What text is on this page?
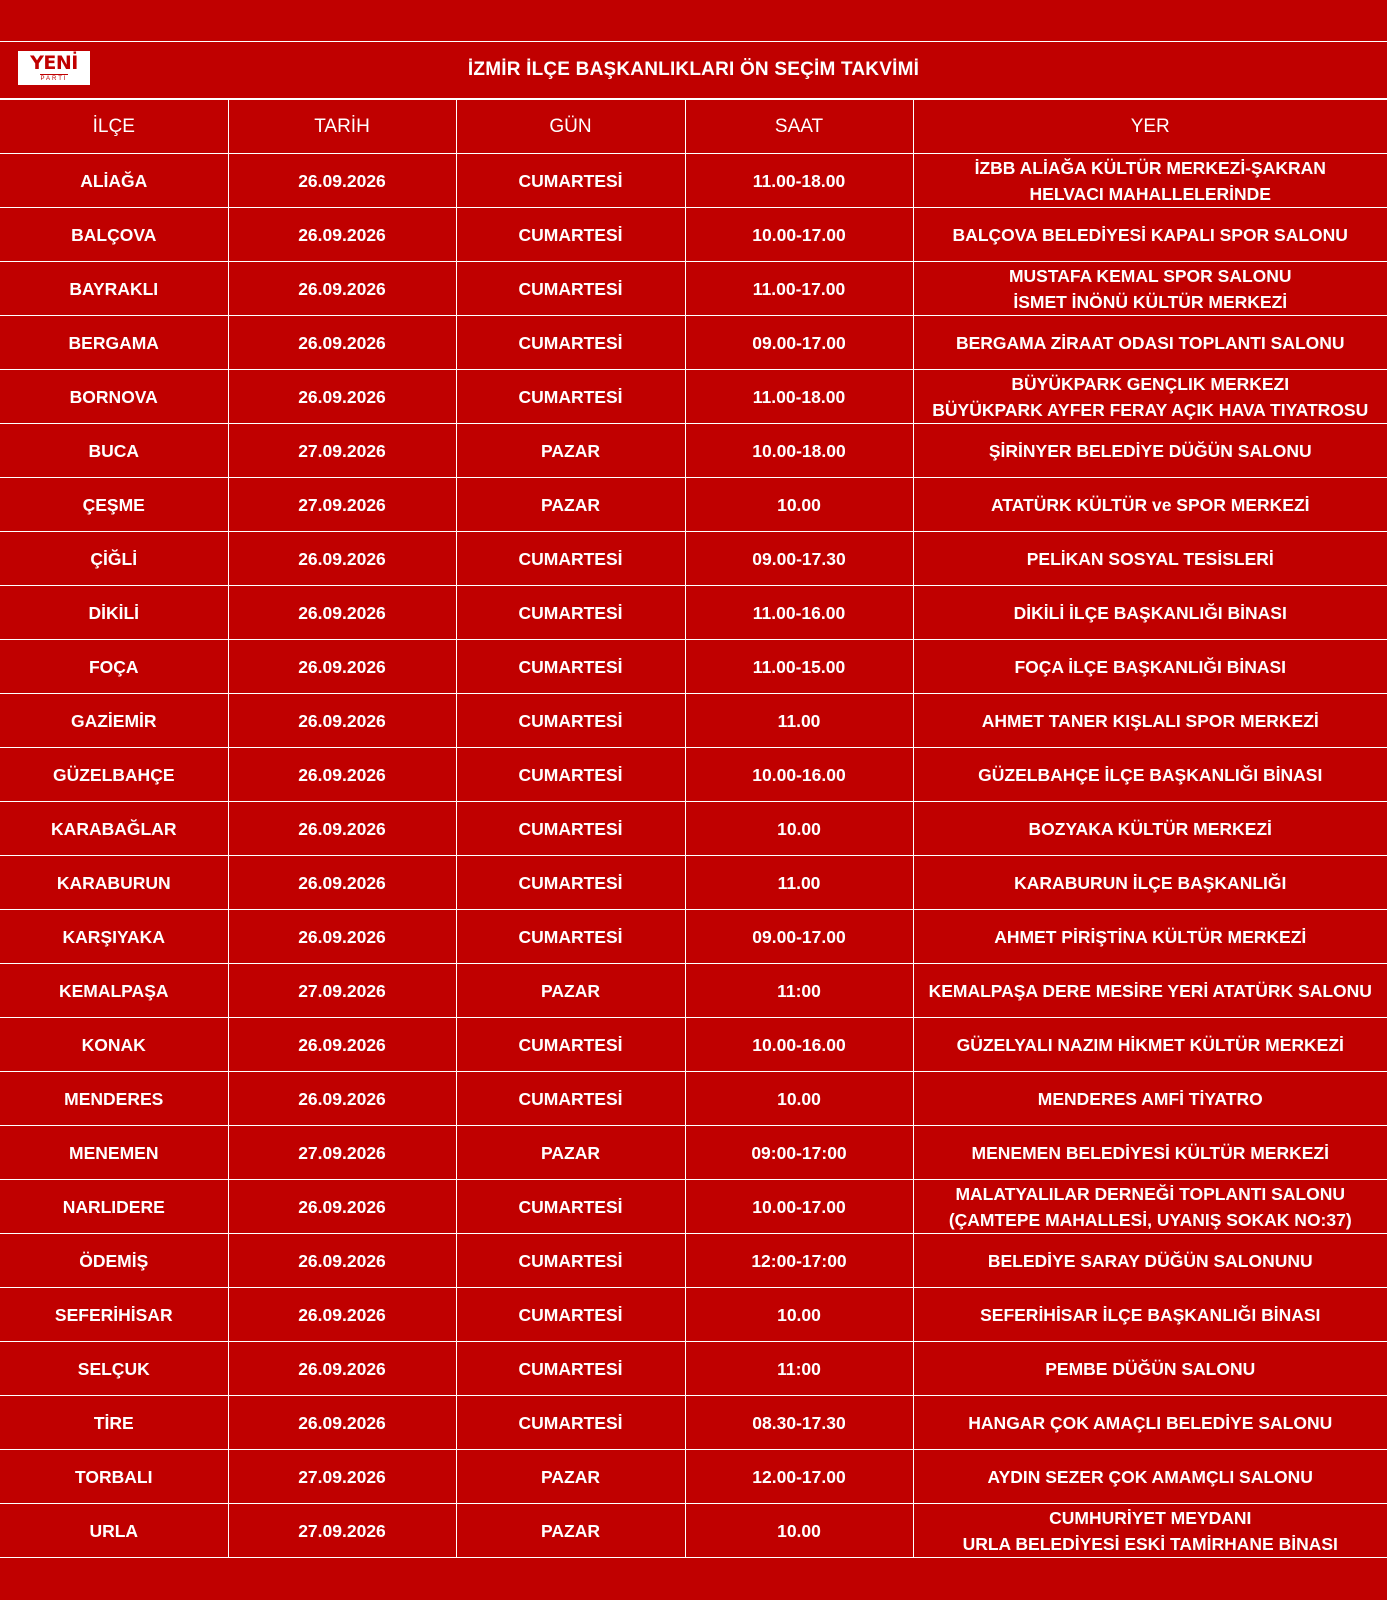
YENİ
PARTİ	İZMİR İLÇE BAŞKANLIKLARI ÖN SEÇİM TAKVİMİ
İLÇE	TARİH	GÜN	SAAT	YER
ALİAĞA	26.09.2026	CUMARTESİ	11.00-18.00	İZBB ALİAĞA KÜLTÜR MERKEZİ-ŞAKRAN
HELVACI MAHALLELERİNDE

BALÇOVA	26.09.2026	CUMARTESİ	10.00-17.00	BALÇOVA BELEDİYESİ KAPALI SPOR SALONU

BAYRAKLI	26.09.2026	CUMARTESİ	11.00-17.00	MUSTAFA KEMAL SPOR SALONU
İSMET İNÖNÜ KÜLTÜR MERKEZİ

BERGAMA	26.09.2026	CUMARTESİ	09.00-17.00	BERGAMA ZİRAAT ODASI TOPLANTI SALONU

BORNOVA	26.09.2026	CUMARTESİ	11.00-18.00	BÜYÜKPARK GENÇLIK MERKEZI
BÜYÜKPARK AYFER FERAY AÇIK HAVA TIYATROSU

BUCA	27.09.2026	PAZAR	10.00-18.00	ŞİRİNYER BELEDİYE DÜĞÜN SALONU

ÇEŞME	27.09.2026	PAZAR	10.00	ATATÜRK KÜLTÜR ve SPOR MERKEZİ

ÇİĞLİ	26.09.2026	CUMARTESİ	09.00-17.30	PELİKAN SOSYAL TESİSLERİ

DİKİLİ	26.09.2026	CUMARTESİ	11.00-16.00	DİKİLİ İLÇE BAŞKANLIĞI BİNASI

FOÇA	26.09.2026	CUMARTESİ	11.00-15.00	FOÇA İLÇE BAŞKANLIĞI BİNASI

GAZİEMİR	26.09.2026	CUMARTESİ	11.00	AHMET TANER KIŞLALI SPOR MERKEZİ

GÜZELBAHÇE	26.09.2026	CUMARTESİ	10.00-16.00	GÜZELBAHÇE İLÇE BAŞKANLIĞI BİNASI

KARABAĞLAR	26.09.2026	CUMARTESİ	10.00	BOZYAKA KÜLTÜR MERKEZİ

KARABURUN	26.09.2026	CUMARTESİ	11.00	KARABURUN İLÇE BAŞKANLIĞI

KARŞIYAKA	26.09.2026	CUMARTESİ	09.00-17.00	AHMET PİRİŞTİNA KÜLTÜR MERKEZİ

KEMALPAŞA	27.09.2026	PAZAR	11:00	KEMALPAŞA DERE MESİRE YERİ ATATÜRK SALONU

KONAK	26.09.2026	CUMARTESİ	10.00-16.00	GÜZELYALI NAZIM HİKMET KÜLTÜR MERKEZİ

MENDERES	26.09.2026	CUMARTESİ	10.00	MENDERES AMFİ TİYATRO

MENEMEN	27.09.2026	PAZAR	09:00-17:00	MENEMEN BELEDİYESİ KÜLTÜR MERKEZİ

NARLIDERE	26.09.2026	CUMARTESİ	10.00-17.00	MALATYALILAR DERNEĞİ TOPLANTI SALONU
(ÇAMTEPE MAHALLESİ, UYANIŞ SOKAK NO:37)

ÖDEMİŞ	26.09.2026	CUMARTESİ	12:00-17:00	BELEDİYE SARAY DÜĞÜN SALONUNU

SEFERİHİSAR	26.09.2026	CUMARTESİ	10.00	SEFERİHİSAR İLÇE BAŞKANLIĞI BİNASI

SELÇUK	26.09.2026	CUMARTESİ	11:00	PEMBE DÜĞÜN SALONU

TİRE	26.09.2026	CUMARTESİ	08.30-17.30	HANGAR ÇOK AMAÇLI BELEDİYE SALONU

TORBALI	27.09.2026	PAZAR	12.00-17.00	AYDIN SEZER ÇOK AMAMÇLI SALONU

URLA	27.09.2026	PAZAR	10.00	CUMHURİYET MEYDANI
URLA BELEDİYESİ ESKİ TAMİRHANE BİNASI
